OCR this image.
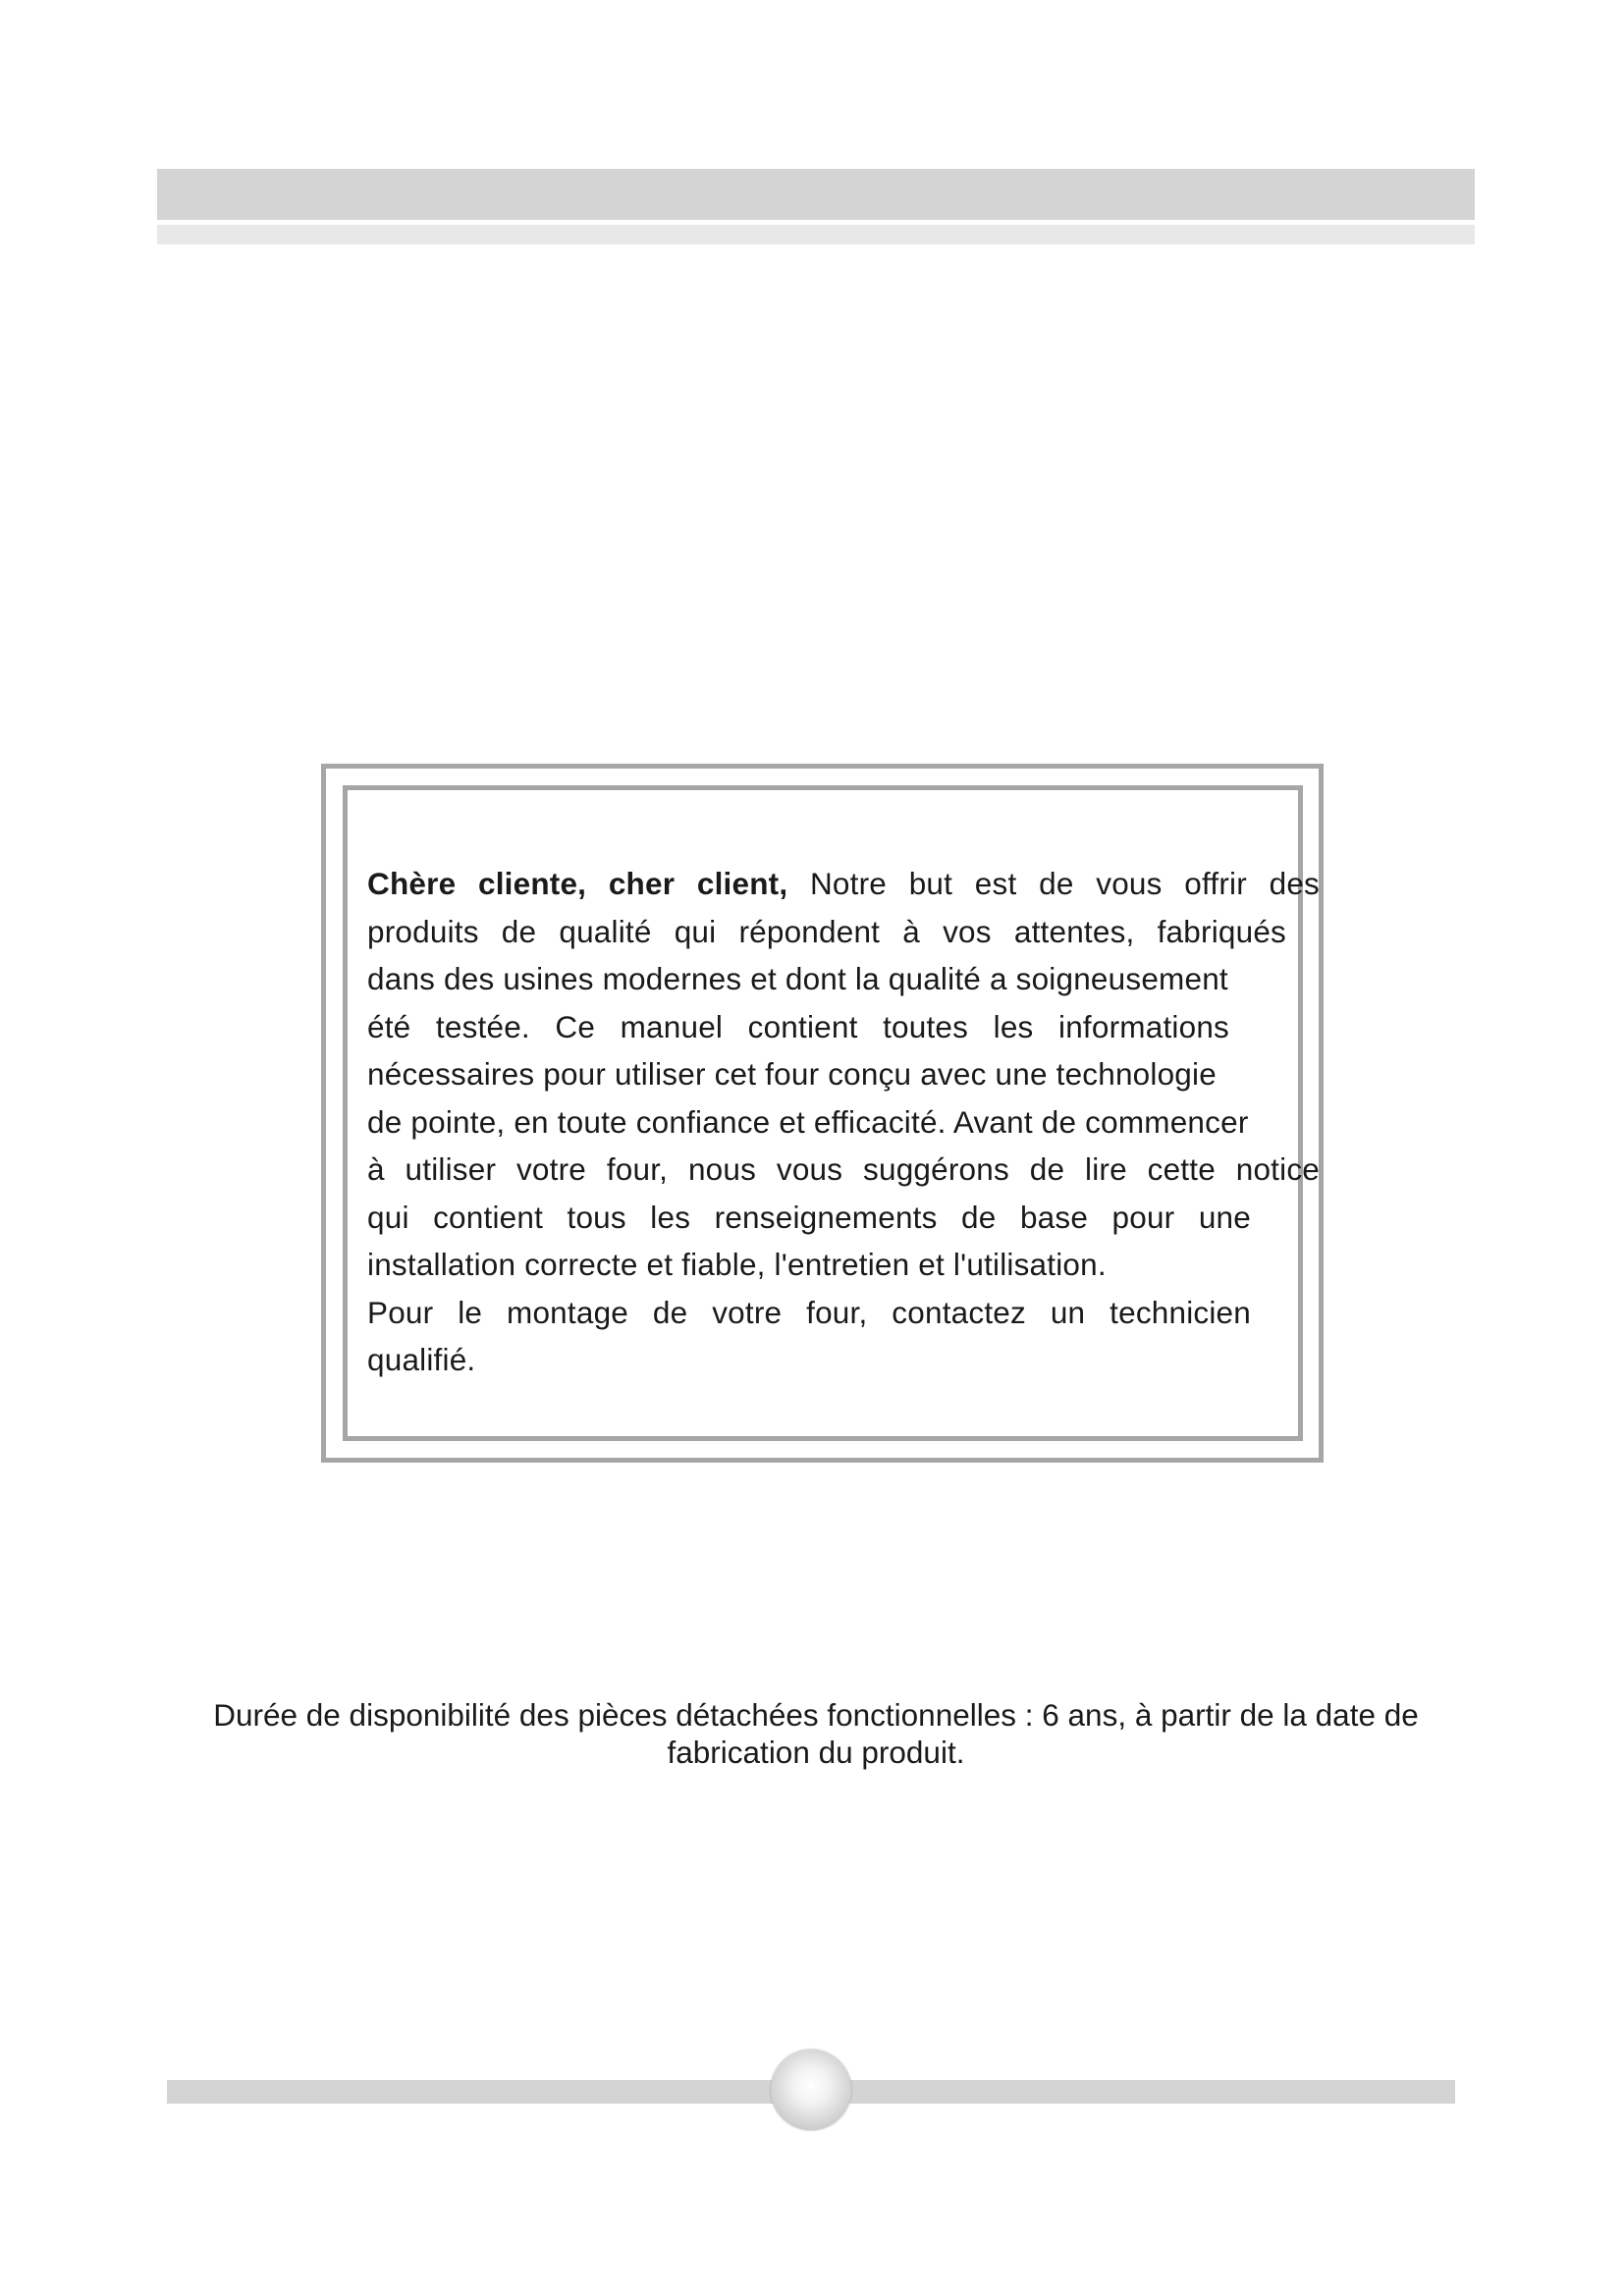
Chère cliente, cher client, Notre but est de vous offrir des
produits de qualité qui répondent à vos attentes, fabriqués
dans des usines modernes et dont la qualité a soigneusement
été testée. Ce manuel contient toutes les informations
nécessaires pour utiliser cet four conçu avec une technologie
de pointe, en toute confiance et efficacité. Avant de commencer
à utiliser votre four, nous vous suggérons de lire cette notice
qui contient tous les renseignements de base pour une
installation correcte et fiable, l'entretien et l'utilisation.
Pour le montage de votre four, contactez un technicien
qualifié.

Durée de disponibilité des pièces détachées fonctionnelles : 6 ans, à partir de la date de
fabrication du produit.
